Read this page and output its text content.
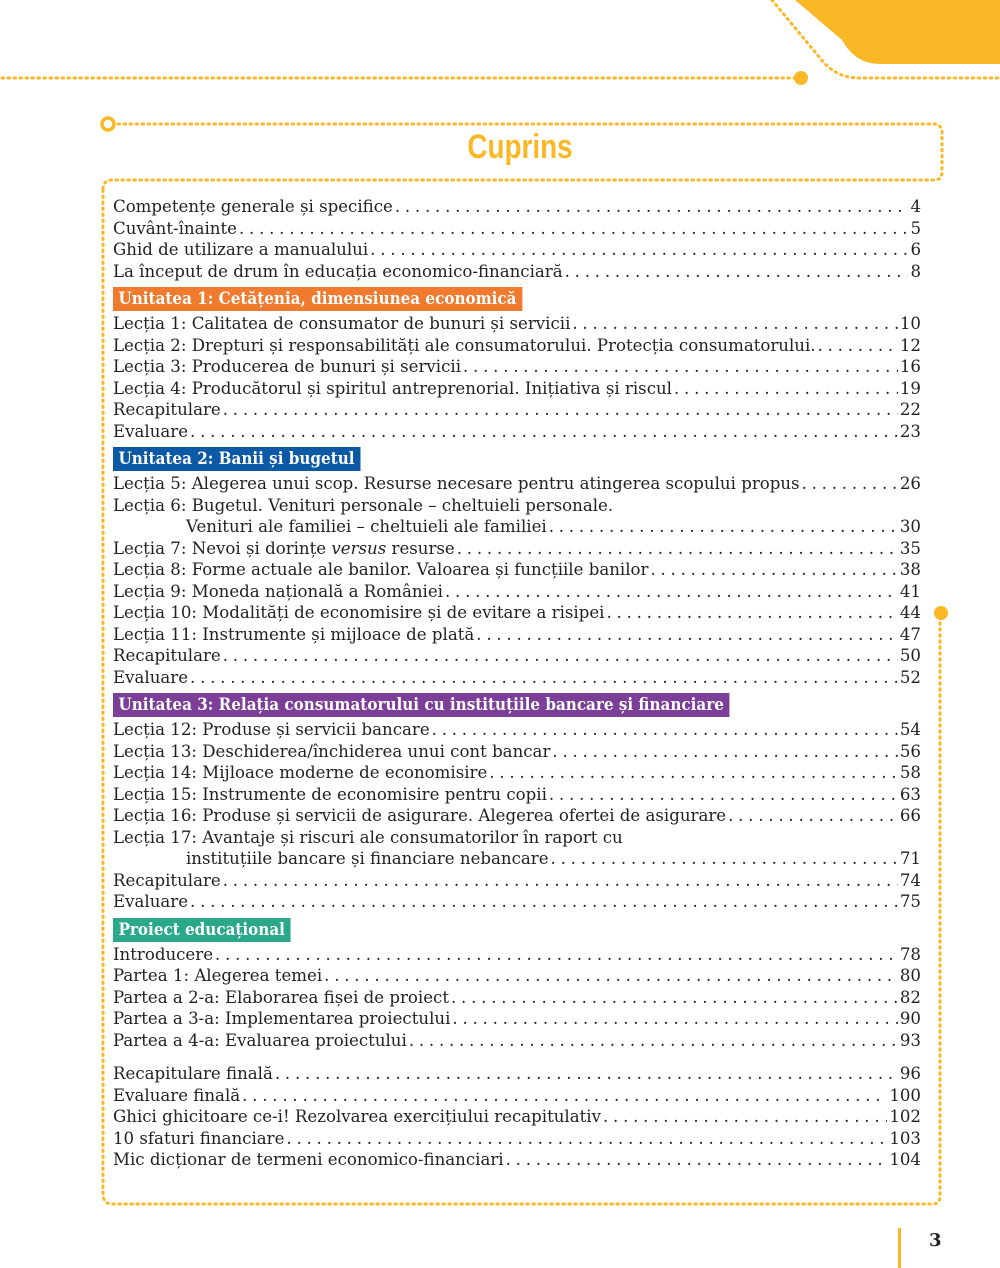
Cuprins
Competențe generale și specifice . . .	4
Cuvânt-înainte . . .	5
Ghid de utilizare a manualului . . .	6
La început de drum în educația economico-financiară . . .	8
Unitatea 1: Cetățenia, dimensiunea economică
Lecția 1: Calitatea de consumator de bunuri și servicii . . .	10
Lecția 2: Drepturi și responsabilități ale consumatorului. Protecția consumatorului. . . .	12
Lecția 3: Producerea de bunuri și servicii . . .	16
Lecția 4: Producătorul și spiritul antreprenorial. Inițiativa și riscul . . .	19
Recapitulare . . .	22
Evaluare . . .	23
Unitatea 2: Banii și bugetul
Lecția 5: Alegerea unui scop. Resurse necesare pentru atingerea scopului propus . . .	26
Lecția 6: Bugetul. Venituri personale – cheltuieli personale.
Venituri ale familiei – cheltuieli ale familiei . . .	30
Lecția 7: Nevoi și dorințe versus resurse . . .	35
Lecția 8: Forme actuale ale banilor. Valoarea și funcțiile banilor . . .	38
Lecția 9: Moneda națională a României . . .	41
Lecția 10: Modalități de economisire și de evitare a risipei . . .	44
Lecția 11: Instrumente și mijloace de plată . . .	47
Recapitulare . . .	50
Evaluare . . .	52
Unitatea 3: Relația consumatorului cu instituțiile bancare și financiare
Lecția 12: Produse și servicii bancare . . .	54
Lecția 13: Deschiderea/închiderea unui cont bancar . . .	56
Lecția 14: Mijloace moderne de economisire . . .	58
Lecția 15: Instrumente de economisire pentru copii . . .	63
Lecția 16: Produse și servicii de asigurare. Alegerea ofertei de asigurare . . .	66
Lecția 17: Avantaje și riscuri ale consumatorilor în raport cu
instituțiile bancare și financiare nebancare . . .	71
Recapitulare . . .	74
Evaluare . . .	75
Proiect educațional
Introducere . . .	78
Partea 1: Alegerea temei . . .	80
Partea a 2-a: Elaborarea fișei de proiect . . .	82
Partea a 3-a: Implementarea proiectului . . .	90
Partea a 4-a: Evaluarea proiectului . . .	93
Recapitulare finală . . .	96
Evaluare finală . . .	100
Ghici ghicitoare ce-i! Rezolvarea exercițiului recapitulativ . . .	102
10 sfaturi financiare . . .	103
Mic dicționar de termeni economico-financiari . . .	104
3
